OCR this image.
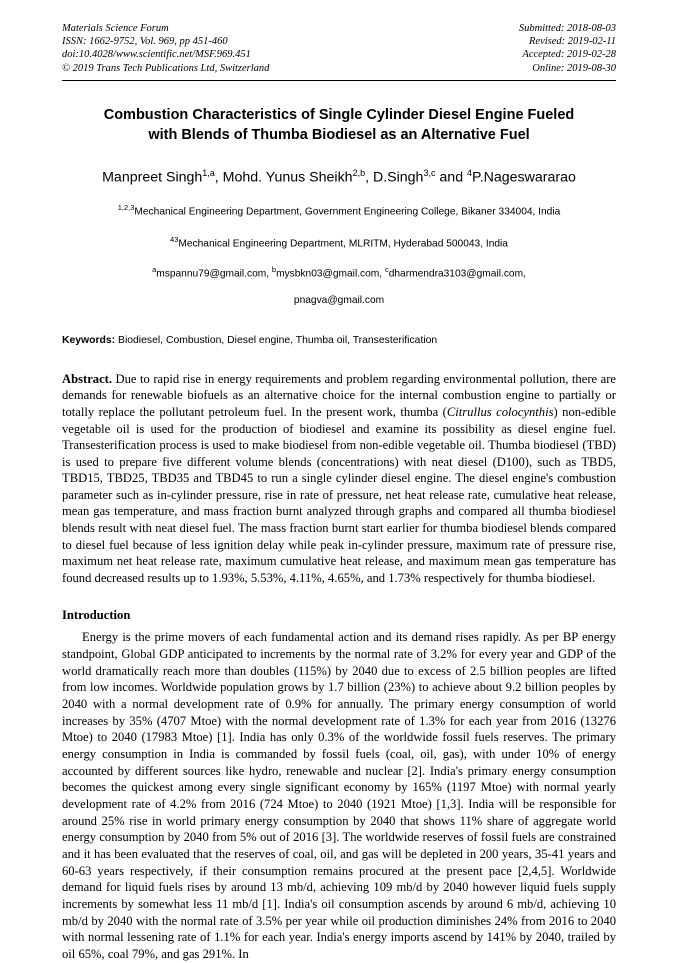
Materials Science Forum
ISSN: 1662-9752, Vol. 969, pp 451-460
doi:10.4028/www.scientific.net/MSF.969.451
© 2019 Trans Tech Publications Ltd, Switzerland
Submitted: 2018-08-03
Revised: 2019-02-11
Accepted: 2019-02-28
Online: 2019-08-30
Combustion Characteristics of Single Cylinder Diesel Engine Fueled with Blends of Thumba Biodiesel as an Alternative Fuel
Manpreet Singh$^{1,a}$, Mohd. Yunus Sheikh$^{2,b}$, D.Singh$^{3,c}$ and $^4$P.Nageswararao
$^{1,2,3}$Mechanical Engineering Department, Government Engineering College, Bikaner 334004, India
$^{43}$Mechanical Engineering Department, MLRITM, Hyderabad 500043, India
$^a$mspannu79@gmail.com, $^b$mysbkn03@gmail.com, $^c$dharmendra3103@gmail.com,
pnagva@gmail.com
Keywords: Biodiesel, Combustion, Diesel engine, Thumba oil, Transesterification
Abstract. Due to rapid rise in energy requirements and problem regarding environmental pollution, there are demands for renewable biofuels as an alternative choice for the internal combustion engine to partially or totally replace the pollutant petroleum fuel. In the present work, thumba (Citrullus colocynthis) non-edible vegetable oil is used for the production of biodiesel and examine its possibility as diesel engine fuel. Transesterification process is used to make biodiesel from non-edible vegetable oil. Thumba biodiesel (TBD) is used to prepare five different volume blends (concentrations) with neat diesel (D100), such as TBD5, TBD15, TBD25, TBD35 and TBD45 to run a single cylinder diesel engine. The diesel engine's combustion parameter such as in-cylinder pressure, rise in rate of pressure, net heat release rate, cumulative heat release, mean gas temperature, and mass fraction burnt analyzed through graphs and compared all thumba biodiesel blends result with neat diesel fuel. The mass fraction burnt start earlier for thumba biodiesel blends compared to diesel fuel because of less ignition delay while peak in-cylinder pressure, maximum rate of pressure rise, maximum net heat release rate, maximum cumulative heat release, and maximum mean gas temperature has found decreased results up to 1.93%, 5.53%, 4.11%, 4.65%, and 1.73% respectively for thumba biodiesel.
Introduction
Energy is the prime movers of each fundamental action and its demand rises rapidly. As per BP energy standpoint, Global GDP anticipated to increments by the normal rate of 3.2% for every year and GDP of the world dramatically reach more than doubles (115%) by 2040 due to excess of 2.5 billion peoples are lifted from low incomes. Worldwide population grows by 1.7 billion (23%) to achieve about 9.2 billion peoples by 2040 with a normal development rate of 0.9% for annually. The primary energy consumption of world increases by 35% (4707 Mtoe) with the normal development rate of 1.3% for each year from 2016 (13276 Mtoe) to 2040 (17983 Mtoe) [1]. India has only 0.3% of the worldwide fossil fuels reserves. The primary energy consumption in India is commanded by fossil fuels (coal, oil, gas), with under 10% of energy accounted by different sources like hydro, renewable and nuclear [2]. India's primary energy consumption becomes the quickest among every single significant economy by 165% (1197 Mtoe) with normal yearly development rate of 4.2% from 2016 (724 Mtoe) to 2040 (1921 Mtoe) [1,3]. India will be responsible for around 25% rise in world primary energy consumption by 2040 that shows 11% share of aggregate world energy consumption by 2040 from 5% out of 2016 [3]. The worldwide reserves of fossil fuels are constrained and it has been evaluated that the reserves of coal, oil, and gas will be depleted in 200 years, 35-41 years and 60-63 years respectively, if their consumption remains procured at the present pace [2,4,5]. Worldwide demand for liquid fuels rises by around 13 mb/d, achieving 109 mb/d by 2040 however liquid fuels supply increments by somewhat less 11 mb/d [1]. India's oil consumption ascends by around 6 mb/d, achieving 10 mb/d by 2040 with the normal rate of 3.5% per year while oil production diminishes 24% from 2016 to 2040 with normal lessening rate of 1.1% for each year. India's energy imports ascend by 141% by 2040, trailed by oil 65%, coal 79%, and gas 291%. In
